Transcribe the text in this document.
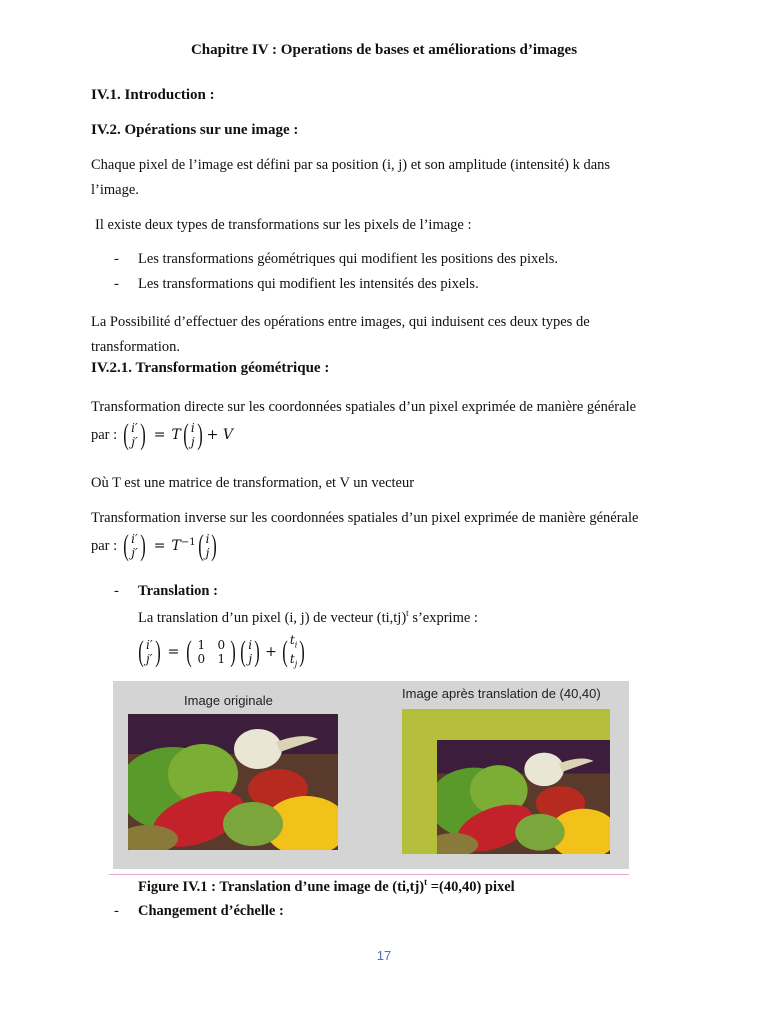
Chapitre IV : Operations de bases et améliorations d’images
IV.1. Introduction :
IV.2. Opérations sur une image :
Chaque pixel de l’image est défini par sa position (i, j) et son amplitude (intensité) k dans
l’image.
Il existe deux types de transformations sur les pixels de l’image :
- Les transformations géométriques qui modifient les positions des pixels.
- Les transformations qui modifient les intensités des pixels.
La Possibilité d’effectuer des opérations entre images, qui induisent ces deux types de
transformation.
IV.2.1. Transformation géométrique :
Transformation directe sur les coordonnées spatiales d’un pixel exprimée de manière générale
par : ( i′
j′ ) = T ( i
j ) + V
Où T est une matrice de transformation, et V un vecteur
Transformation inverse sur les coordonnées spatiales d’un pixel exprimée de manière générale
par : ( i′
j′ ) = $T^{-1}$ ( i
j )
- Translation :
La translation d’un pixel (i, j) de vecteur $(ti,tj)^t$ s’exprime :
( i′
j′ ) = ( 1
0
0
1 ) ( i
j ) + ( $t_i$
$t_j$ )
Image originale	Image après translation de (40,40)
Figure IV.1 : Translation d’une image de $(ti,tj)^t =(40,40)$ pixel
- Changement d’échelle :
17
